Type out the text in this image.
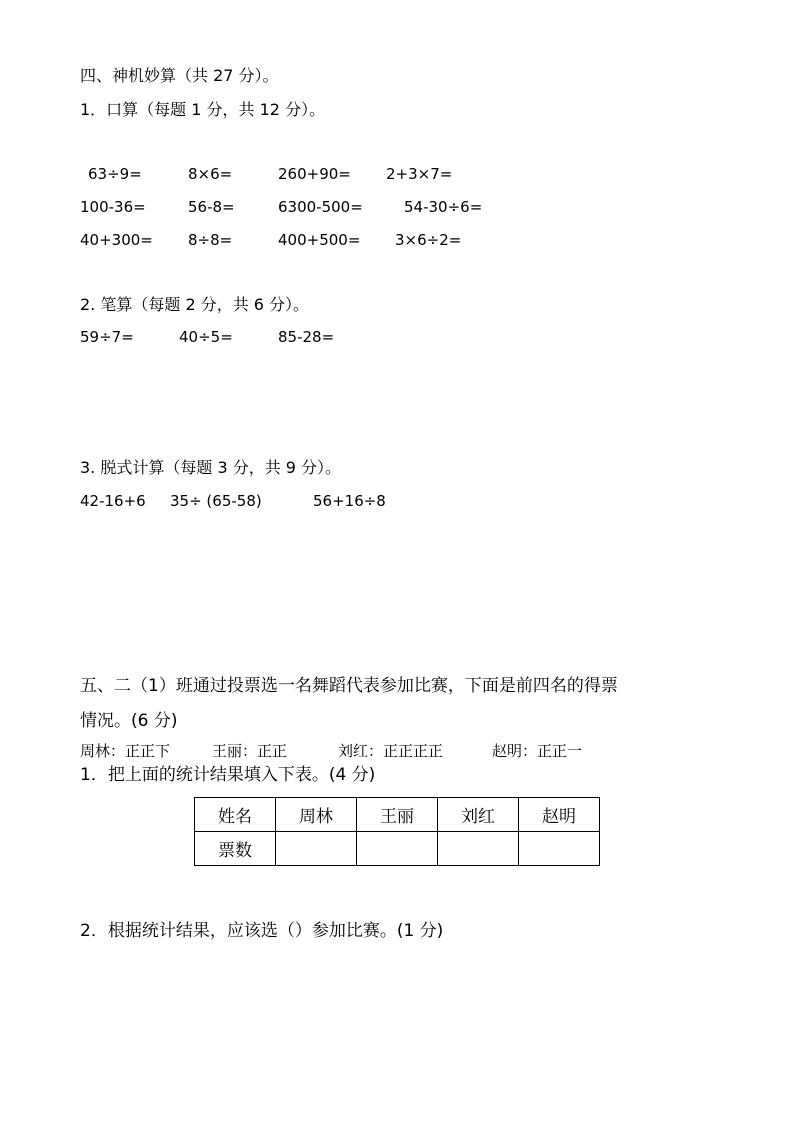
四、神机妙算（共 27 分）。
1．口算（每题 1 分，共 12 分）。
63÷9=	8×6=	260+90= 2+3×7=
100-36=	56-8=	6300-500=	54-30÷6=
40+300= 8÷8=	400+500= 3×6÷2=
2. 笔算（每题 2 分，共 6 分）。
59÷7=	40÷5=	85-28=
3. 脱式计算（每题 3 分，共 9 分）。
42-16+6 35÷ (65-58)	56+16÷8
五、二（1）班通过投票选一名舞蹈代表参加比赛，下面是前四名的得票
情况。(6 分)
周林：正正下	王丽：正正	刘红：正正正正	赵明：正正一
1．把上面的统计结果填入下表。(4 分)
姓名	周林	王丽	刘红	赵明
票数				
2．根据统计结果，应该选（）参加比赛。(1 分)
